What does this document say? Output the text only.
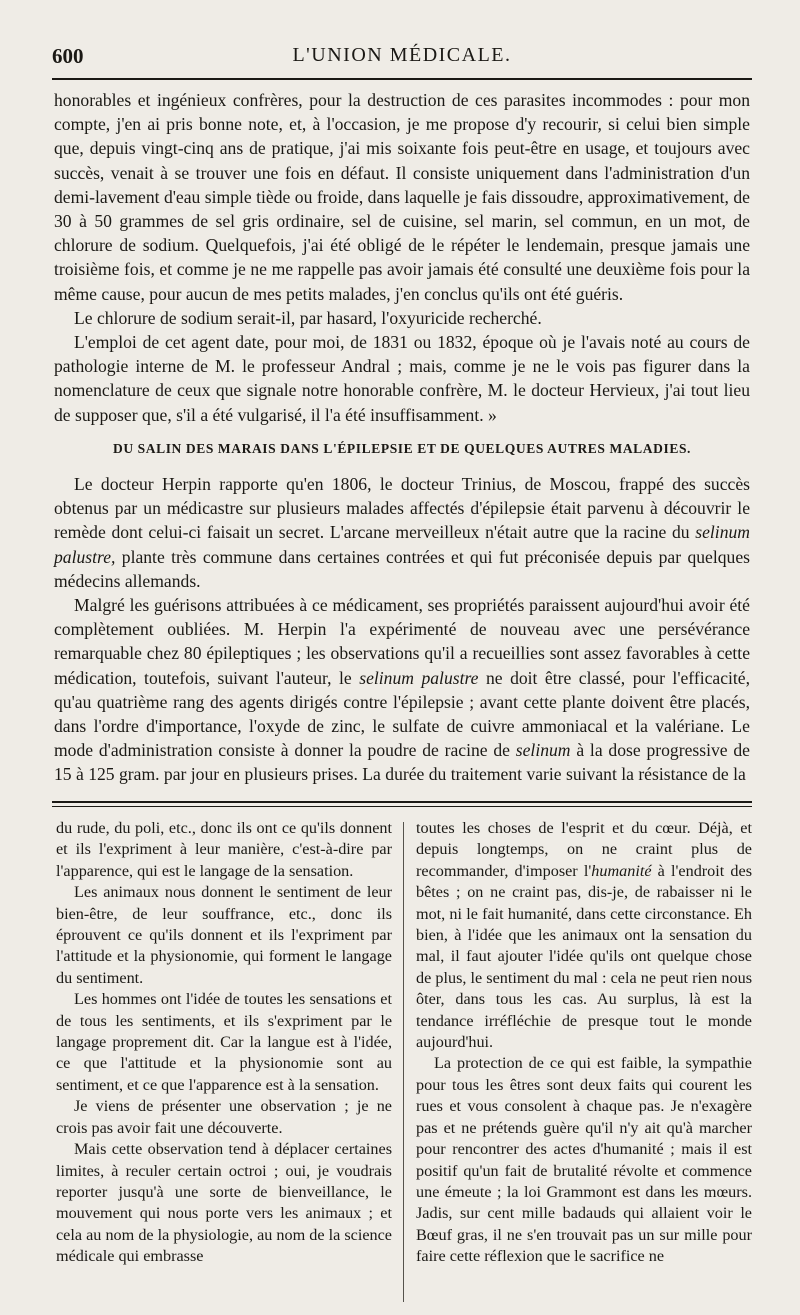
600	L'UNION MÉDICALE.

honorables et ingénieux confrères, pour la destruction de ces parasites incommodes : pour mon compte, j'en ai pris bonne note, et, à l'occasion, je me propose d'y recourir, si celui bien simple que, depuis vingt-cinq ans de pratique, j'ai mis soixante fois peut-être en usage, et toujours avec succès, venait à se trouver une fois en défaut. Il consiste uniquement dans l'administration d'un demi-lavement d'eau simple tiède ou froide, dans laquelle je fais dissoudre, approximativement, de 30 à 50 grammes de sel gris ordinaire, sel de cuisine, sel marin, sel commun, en un mot, de chlorure de sodium. Quelquefois, j'ai été obligé de le répéter le lendemain, presque jamais une troisième fois, et comme je ne me rappelle pas avoir jamais été consulté une deuxième fois pour la même cause, pour aucun de mes petits malades, j'en conclus qu'ils ont été guéris.

Le chlorure de sodium serait-il, par hasard, l'oxyuricide recherché.

L'emploi de cet agent date, pour moi, de 1831 ou 1832, époque où je l'avais noté au cours de pathologie interne de M. le professeur Andral ; mais, comme je ne le vois pas figurer dans la nomenclature de ceux que signale notre honorable confrère, M. le docteur Hervieux, j'ai tout lieu de supposer que, s'il a été vulgarisé, il l'a été insuffisamment. »

DU SALIN DES MARAIS DANS L'ÉPILEPSIE ET DE QUELQUES AUTRES MALADIES.

Le docteur Herpin rapporte qu'en 1806, le docteur Trinius, de Moscou, frappé des succès obtenus par un médicastre sur plusieurs malades affectés d'épilepsie était parvenu à découvrir le remède dont celui-ci faisait un secret. L'arcane merveilleux n'était autre que la racine du selinum palustre, plante très commune dans certaines contrées et qui fut préconisée depuis par quelques médecins allemands.

Malgré les guérisons attribuées à ce médicament, ses propriétés paraissent aujourd'hui avoir été complètement oubliées. M. Herpin l'a expérimenté de nouveau avec une persévérance remarquable chez 80 épileptiques ; les observations qu'il a recueillies sont assez favorables à cette médication, toutefois, suivant l'auteur, le selinum palustre ne doit être classé, pour l'efficacité, qu'au quatrième rang des agents dirigés contre l'épilepsie ; avant cette plante doivent être placés, dans l'ordre d'importance, l'oxyde de zinc, le sulfate de cuivre ammoniacal et la valériane. Le mode d'administration consiste à donner la poudre de racine de selinum à la dose progressive de 15 à 125 gram. par jour en plusieurs prises. La durée du traitement varie suivant la résistance de la

du rude, du poli, etc., donc ils ont ce qu'ils donnent et ils l'expriment à leur manière, c'est-à-dire par l'apparence, qui est le langage de la sensation.

Les animaux nous donnent le sentiment de leur bien-être, de leur souffrance, etc., donc ils éprouvent ce qu'ils donnent et ils l'expriment par l'attitude et la physionomie, qui forment le langage du sentiment.

Les hommes ont l'idée de toutes les sensations et de tous les sentiments, et ils s'expriment par le langage proprement dit. Car la langue est à l'idée, ce que l'attitude et la physionomie sont au sentiment, et ce que l'apparence est à la sensation.

Je viens de présenter une observation ; je ne crois pas avoir fait une découverte.

Mais cette observation tend à déplacer certaines limites, à reculer certain octroi ; oui, je voudrais reporter jusqu'à une sorte de bienveillance, le mouvement qui nous porte vers les animaux ; et cela au nom de la physiologie, au nom de la science médicale qui embrasse

toutes les choses de l'esprit et du cœur. Déjà, et depuis longtemps, on ne craint plus de recommander, d'imposer l'humanité à l'endroit des bêtes ; on ne craint pas, dis-je, de rabaisser ni le mot, ni le fait humanité, dans cette circonstance. Eh bien, à l'idée que les animaux ont la sensation du mal, il faut ajouter l'idée qu'ils ont quelque chose de plus, le sentiment du mal : cela ne peut rien nous ôter, dans tous les cas. Au surplus, là est la tendance irréfléchie de presque tout le monde aujourd'hui.

La protection de ce qui est faible, la sympathie pour tous les êtres sont deux faits qui courent les rues et vous consolent à chaque pas. Je n'exagère pas et ne prétends guère qu'il n'y ait qu'à marcher pour rencontrer des actes d'humanité ; mais il est positif qu'un fait de brutalité révolte et commence une émeute ; la loi Grammont est dans les mœurs. Jadis, sur cent mille badauds qui allaient voir le Bœuf gras, il ne s'en trouvait pas un sur mille pour faire cette réflexion que le sacrifice ne
